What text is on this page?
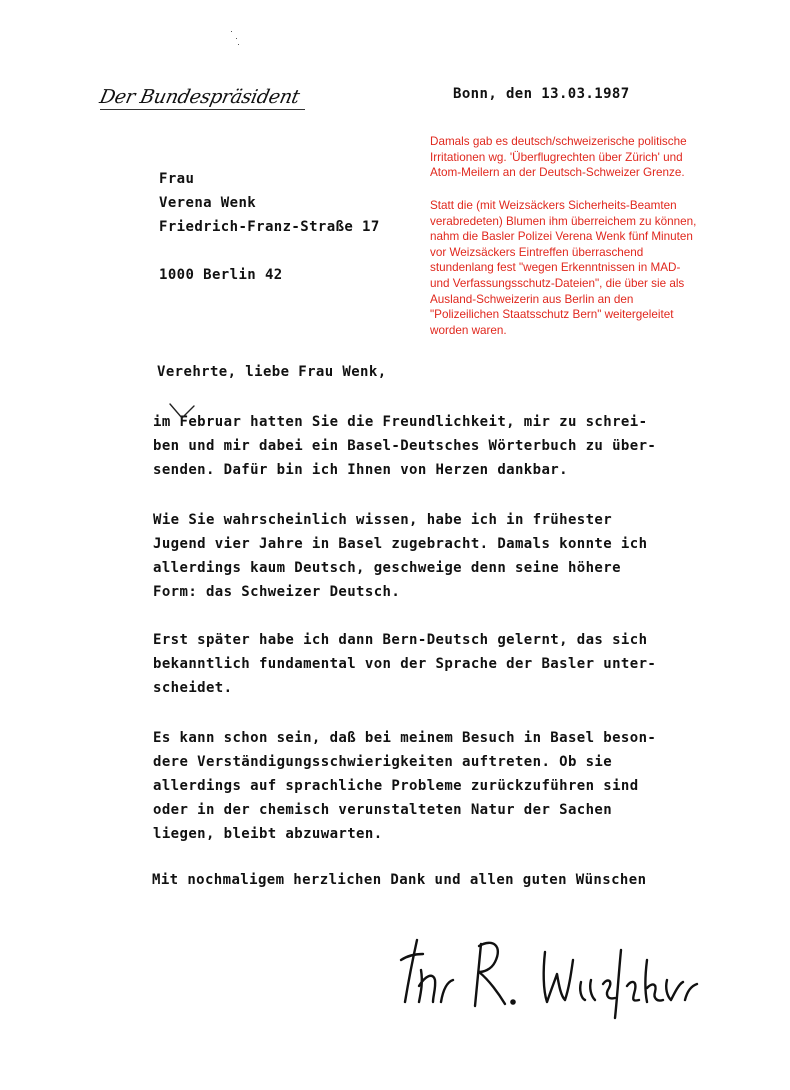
Der Bundespräsident	Bonn, den 13.03.1987
Damals gab es deutsch/schweizerische politische
Irritationen wg. 'Überflugrechten über Zürich' und
Atom-Meilern an der Deutsch-Schweizer Grenze.
Statt die (mit Weizsäckers Sicherheits-Beamten
verabredeten) Blumen ihm überreichem zu können,
nahm die Basler Polizei Verena Wenk fünf Minuten
vor Weizsäckers Eintreffen überraschend
stundenlang fest "wegen Erkenntnissen in MAD-
und Verfassungsschutz-Dateien", die über sie als
Ausland-Schweizerin aus Berlin an den
"Polizeilichen Staatsschutz Bern" weitergeleitet
worden waren.
Frau
Verena Wenk
Friedrich-Franz-Straße 17
1000 Berlin 42
Verehrte, liebe Frau Wenk,
im Februar hatten Sie die Freundlichkeit, mir zu schrei-
ben und mir dabei ein Basel-Deutsches Wörterbuch zu über-
senden. Dafür bin ich Ihnen von Herzen dankbar.
Wie Sie wahrscheinlich wissen, habe ich in frühester
Jugend vier Jahre in Basel zugebracht. Damals konnte ich
allerdings kaum Deutsch, geschweige denn seine höhere
Form: das Schweizer Deutsch.
Erst später habe ich dann Bern-Deutsch gelernt, das sich
bekanntlich fundamental von der Sprache der Basler unter-
scheidet.
Es kann schon sein, daß bei meinem Besuch in Basel beson-
dere Verständigungsschwierigkeiten auftreten. Ob sie
allerdings auf sprachliche Probleme zurückzuführen sind
oder in der chemisch verunstalteten Natur der Sachen
liegen, bleibt abzuwarten.
Mit nochmaligem herzlichen Dank und allen guten Wünschen
